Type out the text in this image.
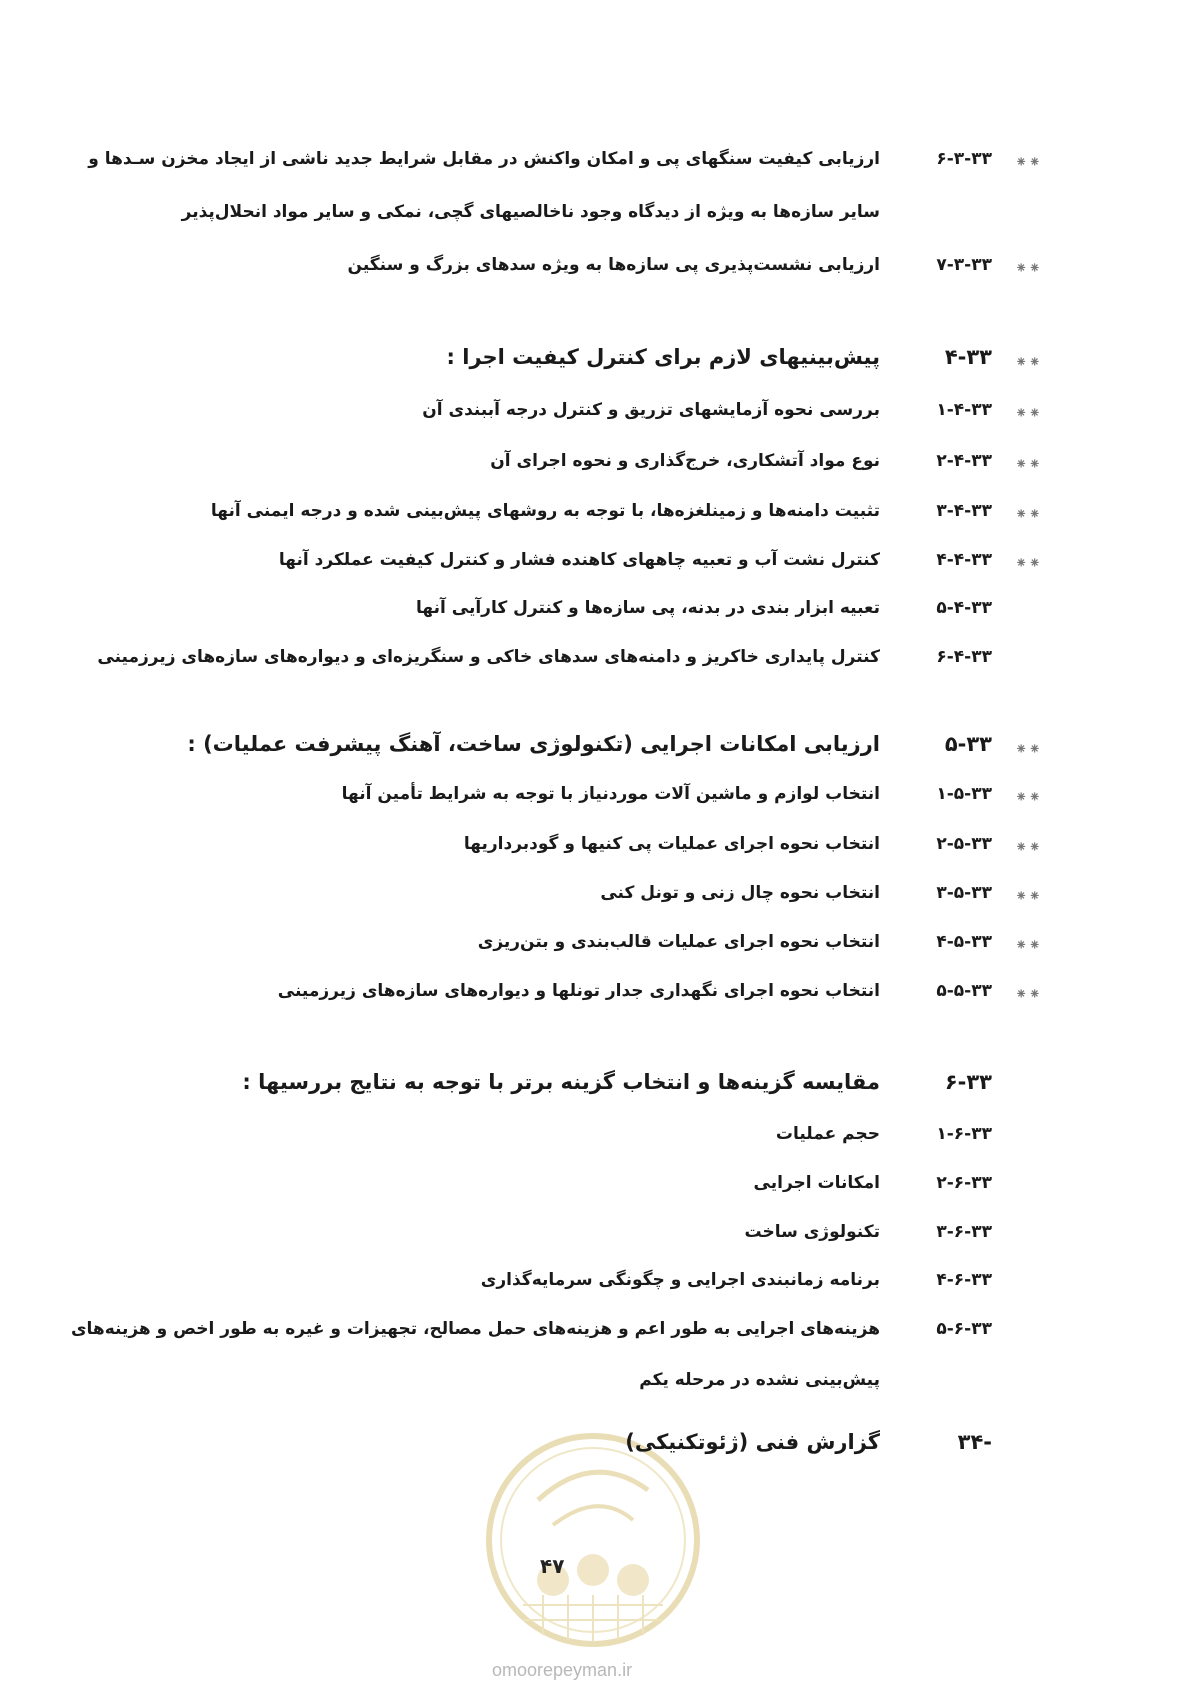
⁕⁕
۶-۳-۳۳
ارزیابی کیفیت سنگهای پی و امکان واکنش در مقابل شرایط جدید ناشی از ایجاد مخزن سـدها و
سایر سازه‌ها به ویژه از دیدگاه وجود ناخالصیهای گچی، نمکی و سایر مواد انحلال‌پذیر
⁕⁕
۷-۳-۳۳
ارزیابی نشست‌پذیری پی سازه‌ها به ویژه سدهای بزرگ و سنگین
⁕⁕
۴-۳۳
پیش‌بینیهای لازم برای کنترل کیفیت اجرا :
⁕⁕
۱-۴-۳۳
بررسی نحوه آزمایشهای تزریق و کنترل درجه آببندی آن
⁕⁕
۲-۴-۳۳
نوع مواد آتشکاری، خرج‌گذاری و نحوه اجرای آن
⁕⁕
۳-۴-۳۳
تثبیت دامنه‌ها و زمینلغزه‌ها، با توجه به روشهای پیش‌بینی شده و درجه ایمنی آنها
⁕⁕
۴-۴-۳۳
کنترل نشت آب و تعبیه چاههای کاهنده فشار و کنترل کیفیت عملکرد آنها
۵-۴-۳۳
تعبیه ابزار بندی در بدنه، پی سازه‌ها و کنترل کارآیی آنها
۶-۴-۳۳
کنترل پایداری خاکریز و دامنه‌های سدهای خاکی و سنگریزه‌ای و دیواره‌های سازه‌های زیرزمینی
⁕⁕
۵-۳۳
ارزیابی امکانات اجرایی (تکنولوژی ساخت، آهنگ پیشرفت عملیات) :
⁕⁕
۱-۵-۳۳
انتخاب لوازم و ماشین آلات موردنیاز با توجه به شرایط تأمین آنها
⁕⁕
۲-۵-۳۳
انتخاب نحوه اجرای عملیات پی کنیها و گودبرداریها
⁕⁕
۳-۵-۳۳
انتخاب نحوه چال زنی و تونل کنی
⁕⁕
۴-۵-۳۳
انتخاب نحوه اجرای عملیات قالب‌بندی و بتن‌ریزی
⁕⁕
۵-۵-۳۳
انتخاب نحوه اجرای نگهداری جدار تونلها و دیواره‌های سازه‌های زیرزمینی
۶-۳۳
مقایسه گزینه‌ها و انتخاب گزینه برتر با توجه به نتایج بررسیها :
۱-۶-۳۳
حجم عملیات
۲-۶-۳۳
امکانات اجرایی
۳-۶-۳۳
تکنولوژی ساخت
۴-۶-۳۳
برنامه زمانبندی اجرایی و چگونگی سرمایه‌گذاری
۵-۶-۳۳
هزینه‌های اجرایی به طور اعم و هزینه‌های حمل مصالح، تجهیزات و غیره به طور اخص و هزینه‌های
پیش‌بینی نشده در مرحله یکم
-۳۴
گزارش فنی (ژئوتکنیکی)
۴۷
omoorepeyman.ir
